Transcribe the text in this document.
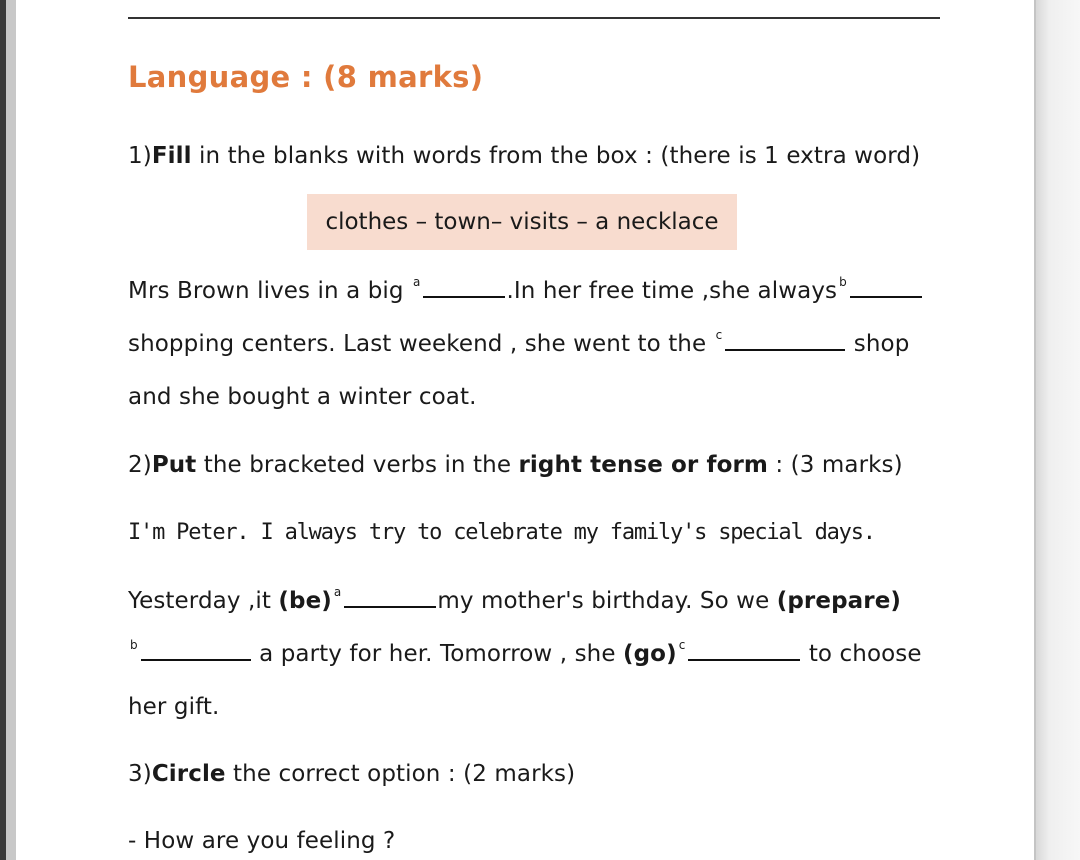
Language : (8 marks)
1)Fill in the blanks with words from the box : (there is 1 extra word)
clothes – town– visits – a necklace
Mrs Brown lives in a big $^a$	.In her free time ,she always $^b$
shopping centers. Last weekend , she went to the $^c$	shop
and she bought a winter coat.
2)Put the bracketed verbs in the right tense or form : (3 marks)
I'm Peter. I always try to celebrate my family's special days.
Yesterday ,it (be) $^a$	my mother's birthday. So we (prepare)
$^b$	a party for her. Tomorrow , she (go) $^c$	to choose
her gift.
3)Circle the correct option : (2 marks)
- How are you feeling ?
